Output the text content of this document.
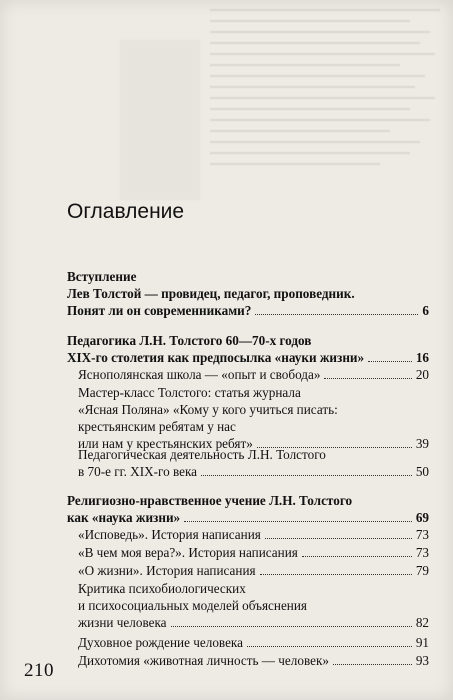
Оглавление
Вступление
Лев Толстой — провидец, педагог, проповедник.
Понят ли он современниками?	6
Педагогика Л.Н. Толстого 60—70-х годов
XIX-го столетия как предпосылка «науки жизни»	16
Яснополянская школа — «опыт и свобода»	20
Мастер-класс Толстого: статья журнала
«Ясная Поляна» «Кому у кого учиться писать:
крестьянским ребятам у нас
или нам у крестьянских ребят»	39
Педагогическая деятельность Л.Н. Толстого
в 70-е гг. XIX-го века	50
Религиозно-нравственное учение Л.Н. Толстого
как «наука жизни»	69
«Исповедь». История написания	73
«В чем моя вера?». История написания	73
«О жизни». История написания	79
Критика психобиологических
и психосоциальных моделей объяснения
жизни человека	82
Духовное рождение человека	91
Дихотомия «животная личность — человек»	93
210
